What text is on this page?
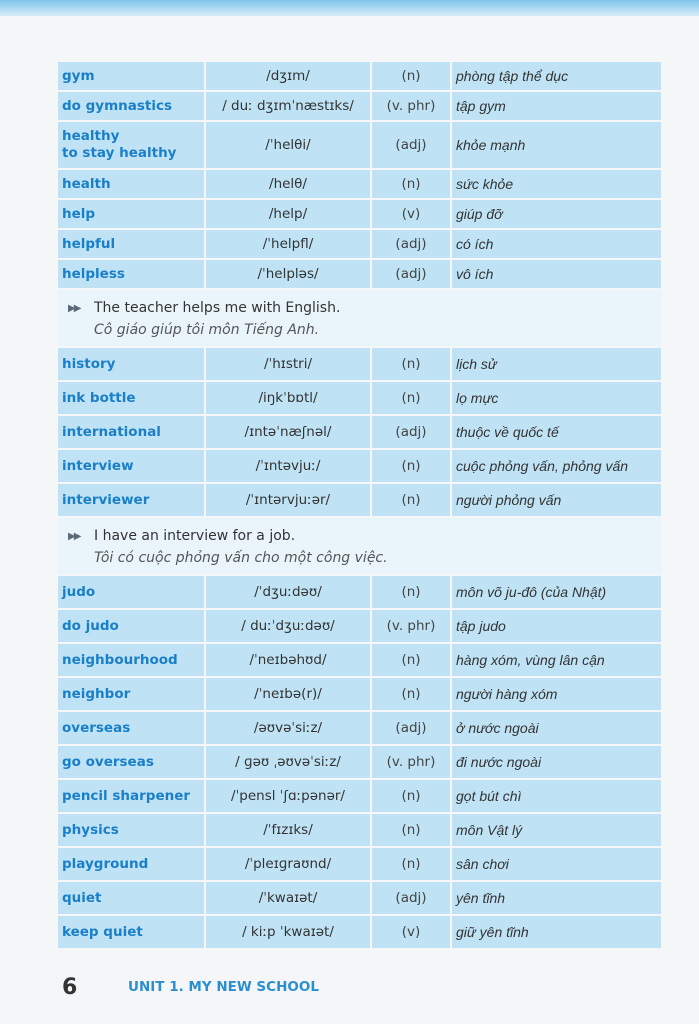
gym	/dʒɪm/	(n)	phòng tập thể dục
do gymnastics	/ duː dʒɪmˈnæstɪks/	(v. phr)	tập gym
healthy
to stay healthy	/ˈhelθi/	(adj)	khỏe mạnh
health	/helθ/	(n)	sức khỏe
help	/help/	(v)	giúp đỡ
helpful	/ˈhelpfl/	(adj)	có ích
helpless	/ˈhelpləs/	(adj)	vô ích
▶▶	The teacher helps me with English.
Cô giáo giúp tôi môn Tiếng Anh.
history	/ˈhɪstri/	(n)	lịch sử
ink bottle	/iŋkˈbɒtl/	(n)	lọ mực
international	/ɪntəˈnæʃnəl/	(adj)	thuộc về quốc tế
interview	/ˈɪntəvjuː/	(n)	cuộc phỏng vấn, phỏng vấn
interviewer	/ˈɪntərvjuːər/	(n)	người phỏng vấn
▶▶	I have an interview for a job.
Tôi có cuộc phỏng vấn cho một công việc.
judo	/ˈdʒuːdəʊ/	(n)	môn võ ju-đô (của Nhật)
do judo	/ duːˈdʒuːdəʊ/	(v. phr)	tập judo
neighbourhood	/ˈneɪbəhʊd/	(n)	hàng xóm, vùng lân cận
neighbor	/ˈneɪbə(r)/	(n)	người hàng xóm
overseas	/əʊvəˈsiːz/	(adj)	ở nước ngoài
go overseas	/ ɡəʊ ˌəʊvəˈsiːz/	(v. phr)	đi nước ngoài
pencil sharpener	/ˈpensl ˈʃɑːpənər/	(n)	gọt bút chì
physics	/ˈfɪzɪks/	(n)	môn Vật lý
playground	/ˈpleɪɡraʊnd/	(n)	sân chơi
quiet	/ˈkwaɪət/	(adj)	yên tĩnh
keep quiet	/ kiːp ˈkwaɪət/	(v)	giữ yên tĩnh
6	UNIT 1. MY NEW SCHOOL
